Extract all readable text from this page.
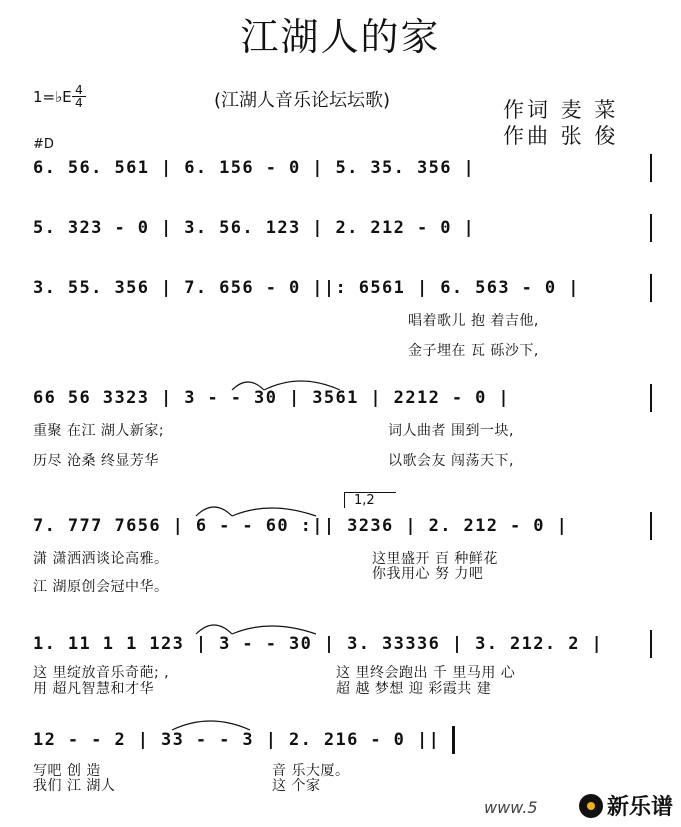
江湖人的家
1=♭E 4
4	(江湖人音乐论坛坛歌)	作词 麦 菜
作曲 张 俊
#D
6. 56. 561 | 6. 156 - 0 | 5. 35. 356 |
5. 323 - 0 | 3. 56. 123 | 2. 212 - 0 |
3. 55. 356 | 7. 656 - 0 ||: 6561 | 6. 563 - 0 |
66 56 3323 | 3 - - 30 | 3561 | 2212 - 0 |
7. 777 7656 | 6 - - 60 :|| 3236 | 2. 212 - 0 |
1. 11 1 1 123 | 3 - - 30 | 3. 33336 | 3. 212. 2 |
12 - - 2 | 33 - - 3 | 2. 216 - 0 ||
1,2
唱着歌儿 抱 着吉他,
金子埋在 瓦 砾沙下,
重聚 在江 湖人新家;	词人曲者 围到一块,
历尽 沧桑 终显芳华	以歌会友 闯荡天下,
潇 潇洒洒谈论高雅。	这里盛开 百 种鲜花
江 湖原创会冠中华。
你我用心 努 力吧
这 里绽放音乐奇葩; ,	这 里终会跑出 千 里马用 心
用 超凡智慧和才华	超 越 梦想 迎 彩霞共 建
写吧 创 造	音 乐大厦。
我们 江 湖人	这 个家
www.5	新乐谱
